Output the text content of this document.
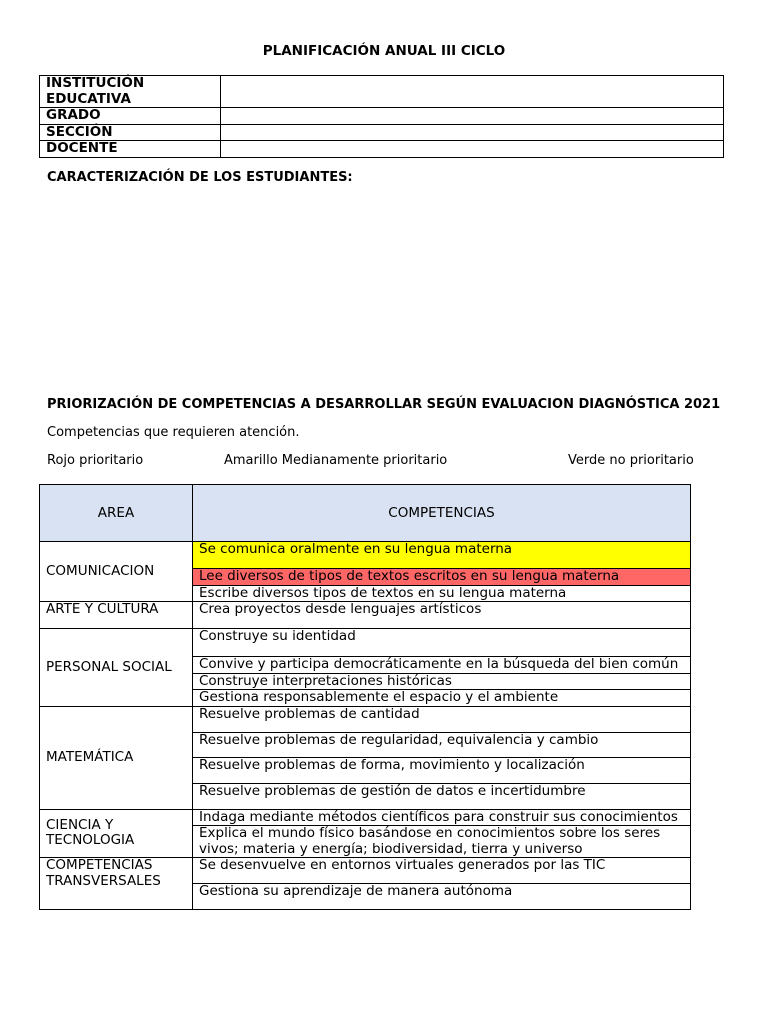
PLANIFICACIÓN ANUAL III CICLO
INSTITUCIÓN EDUCATIVA	
GRADO	
SECCIÓN	
DOCENTE	
CARACTERIZACIÓN DE LOS ESTUDIANTES:
PRIORIZACIÓN DE COMPETENCIAS A DESARROLLAR SEGÚN EVALUACION DIAGNÓSTICA 2021
Competencias que requieren atención.
Rojo prioritario	Amarillo Medianamente prioritario	Verde no prioritario
AREA	COMPETENCIAS
COMUNICACION	Se comunica oralmente en su lengua materna
	Lee diversos de tipos de textos escritos en su lengua materna
	Escribe diversos tipos de textos en su lengua materna
ARTE Y CULTURA	Crea proyectos desde lenguajes artísticos
PERSONAL SOCIAL	Construye su identidad
	Convive y participa democráticamente en la búsqueda del bien común
	Construye interpretaciones históricas
	Gestiona responsablemente el espacio y el ambiente
MATEMÁTICA	Resuelve problemas de cantidad
	Resuelve problemas de regularidad, equivalencia y cambio
	Resuelve problemas de forma, movimiento y localización
	Resuelve problemas de gestión de datos e incertidumbre
CIENCIA Y TECNOLOGIA	Indaga mediante métodos científicos para construir sus conocimientos
	Explica el mundo físico basándose en conocimientos sobre los seres vivos; materia y energía; biodiversidad, tierra y universo
COMPETENCIAS TRANSVERSALES	Se desenvuelve en entornos virtuales generados por las TIC
	Gestiona su aprendizaje de manera autónoma
